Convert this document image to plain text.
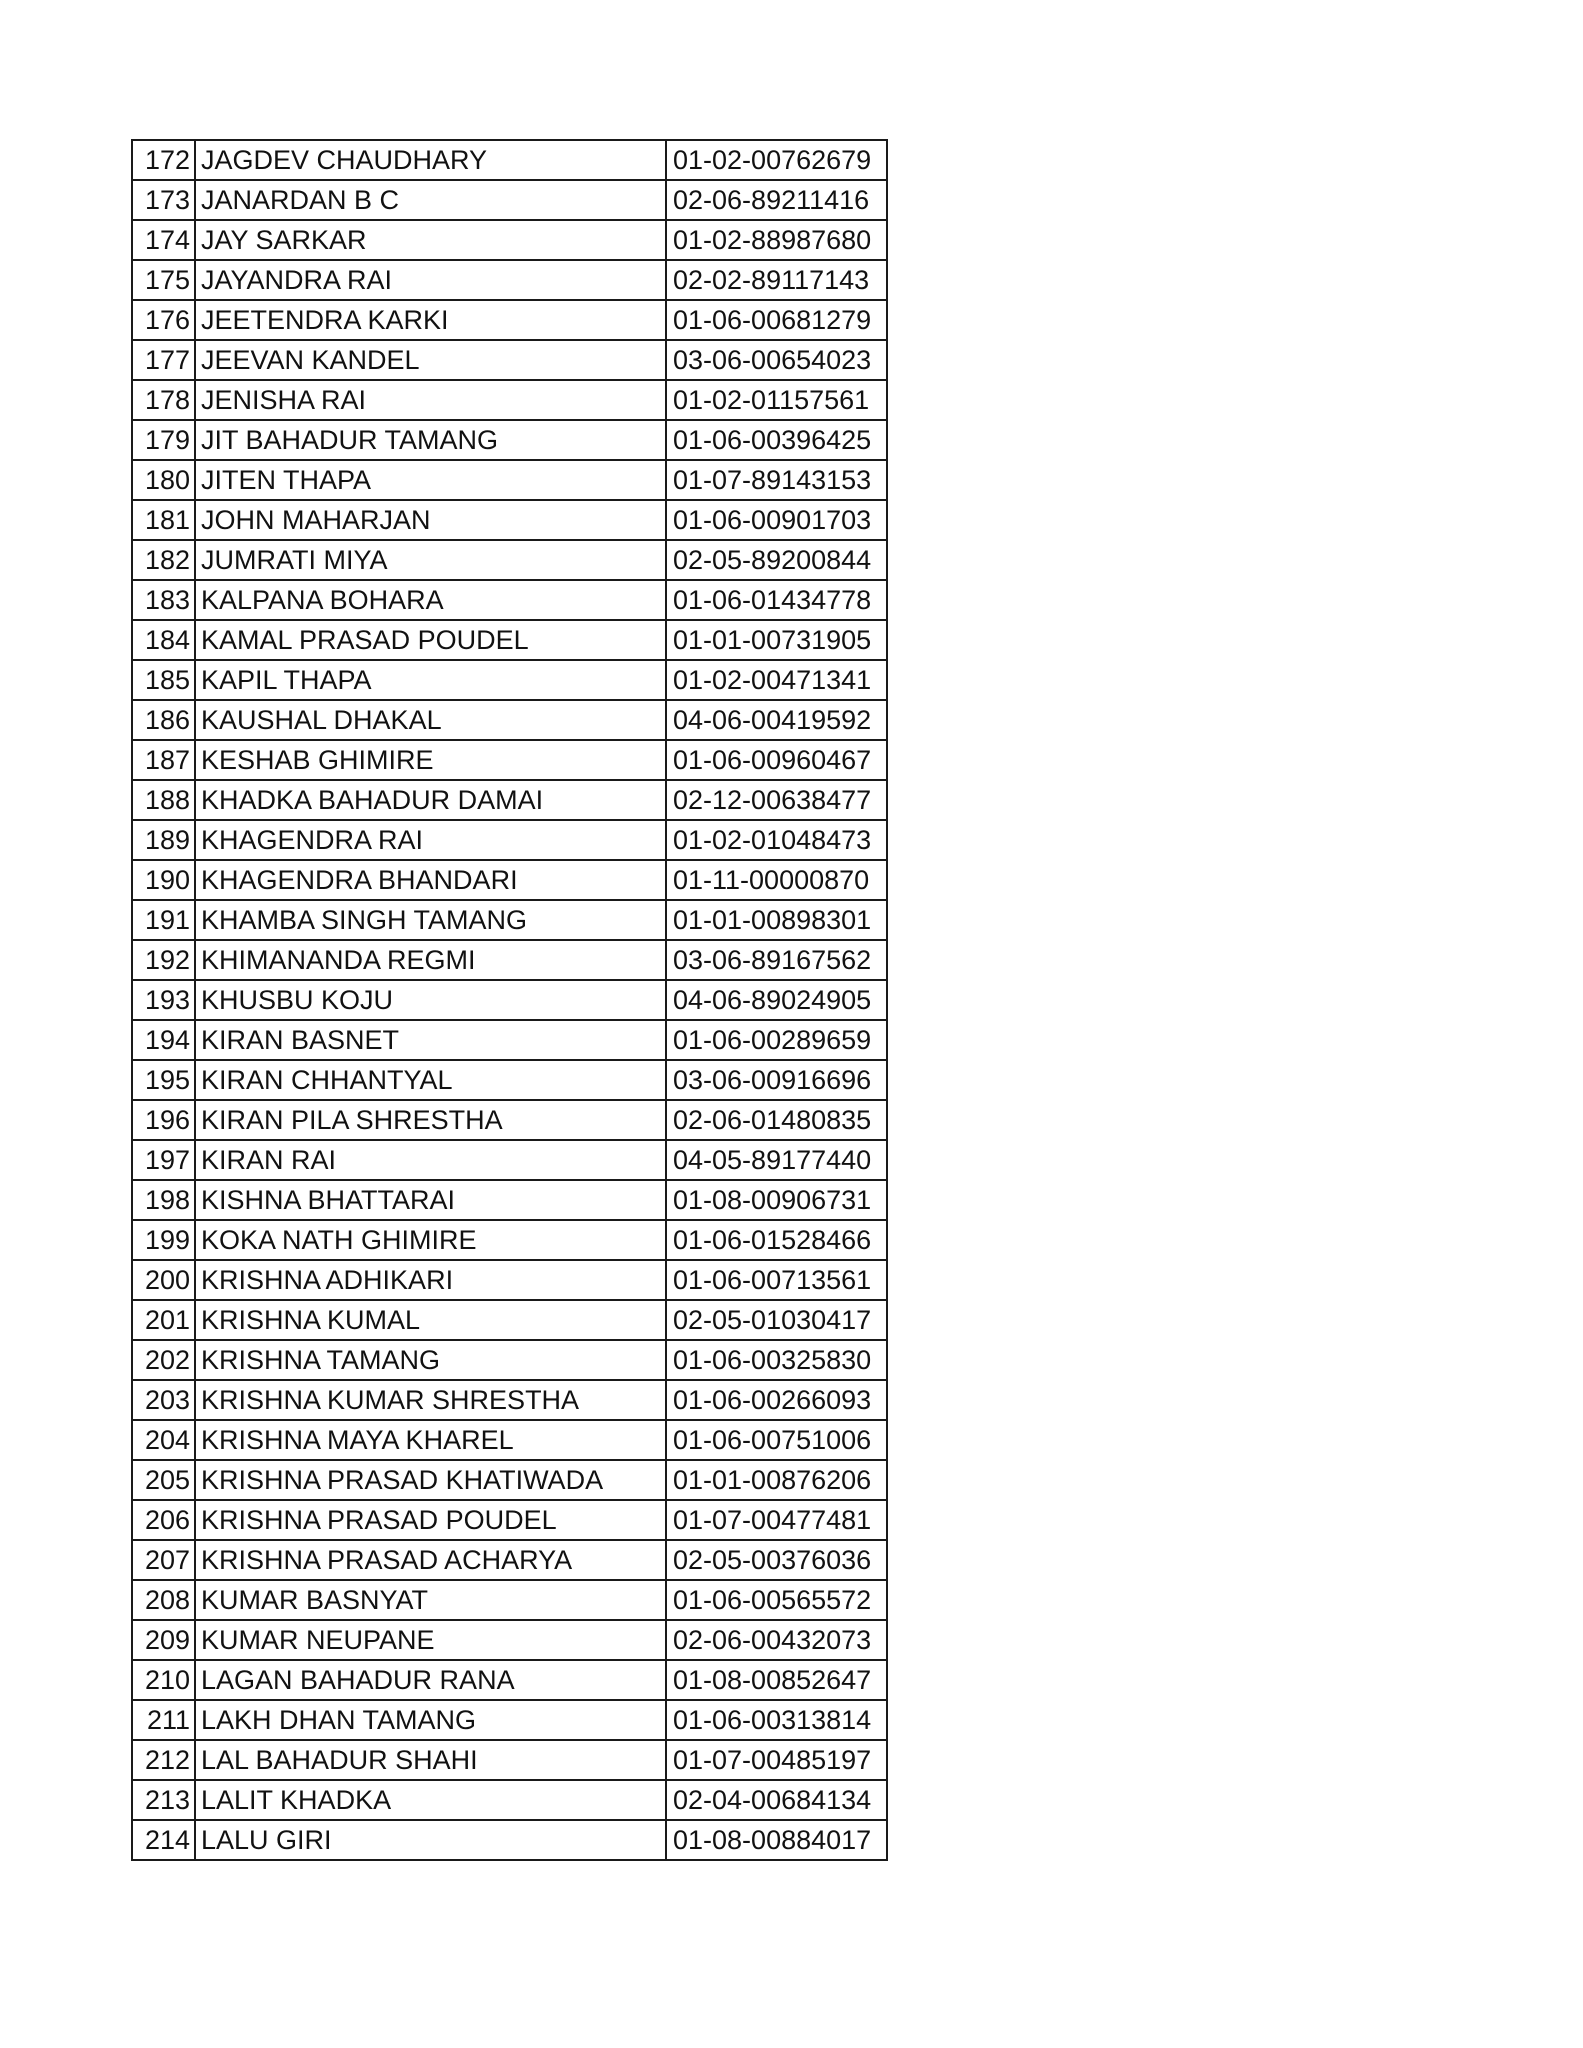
172	JAGDEV CHAUDHARY	01-02-00762679
173	JANARDAN B C	02-06-89211416
174	JAY SARKAR	01-02-88987680
175	JAYANDRA RAI	02-02-89117143
176	JEETENDRA KARKI	01-06-00681279
177	JEEVAN KANDEL	03-06-00654023
178	JENISHA RAI	01-02-01157561
179	JIT BAHADUR TAMANG	01-06-00396425
180	JITEN THAPA	01-07-89143153
181	JOHN MAHARJAN	01-06-00901703
182	JUMRATI MIYA	02-05-89200844
183	KALPANA BOHARA	01-06-01434778
184	KAMAL PRASAD POUDEL	01-01-00731905
185	KAPIL THAPA	01-02-00471341
186	KAUSHAL DHAKAL	04-06-00419592
187	KESHAB GHIMIRE	01-06-00960467
188	KHADKA BAHADUR DAMAI	02-12-00638477
189	KHAGENDRA RAI	01-02-01048473
190	KHAGENDRA BHANDARI	01-11-00000870
191	KHAMBA SINGH TAMANG	01-01-00898301
192	KHIMANANDA REGMI	03-06-89167562
193	KHUSBU KOJU	04-06-89024905
194	KIRAN BASNET	01-06-00289659
195	KIRAN CHHANTYAL	03-06-00916696
196	KIRAN PILA SHRESTHA	02-06-01480835
197	KIRAN RAI	04-05-89177440
198	KISHNA BHATTARAI	01-08-00906731
199	KOKA NATH GHIMIRE	01-06-01528466
200	KRISHNA ADHIKARI	01-06-00713561
201	KRISHNA KUMAL	02-05-01030417
202	KRISHNA TAMANG	01-06-00325830
203	KRISHNA KUMAR SHRESTHA	01-06-00266093
204	KRISHNA MAYA KHAREL	01-06-00751006
205	KRISHNA PRASAD KHATIWADA	01-01-00876206
206	KRISHNA PRASAD POUDEL	01-07-00477481
207	KRISHNA PRASAD ACHARYA	02-05-00376036
208	KUMAR BASNYAT	01-06-00565572
209	KUMAR NEUPANE	02-06-00432073
210	LAGAN BAHADUR RANA	01-08-00852647
211	LAKH DHAN TAMANG	01-06-00313814
212	LAL BAHADUR SHAHI	01-07-00485197
213	LALIT KHADKA	02-04-00684134
214	LALU GIRI	01-08-00884017
